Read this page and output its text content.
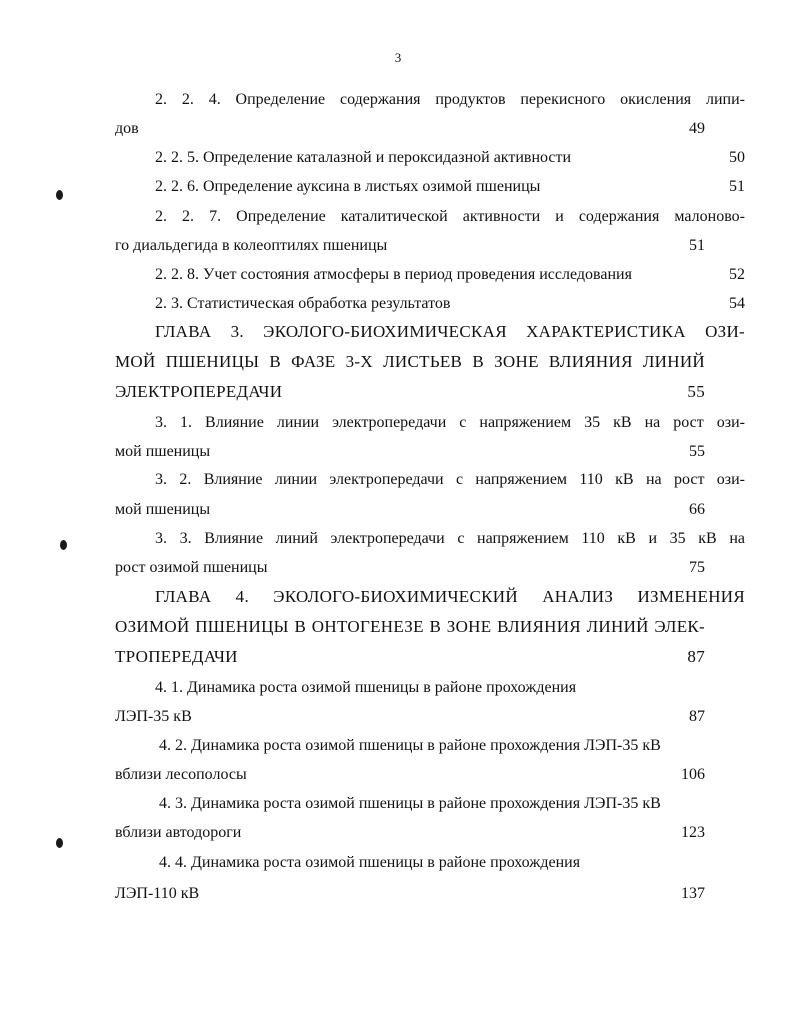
3
2. 2. 4. Определение содержания продуктов перекисного окисления липи-
дов	49
2. 2. 5. Определение каталазной и пероксидазной активности	50
2. 2. 6. Определение ауксина в листьях озимой пшеницы	51
2. 2. 7. Определение каталитической активности и содержания малоново-
го диальдегида в колеоптилях пшеницы	51
2. 2. 8. Учет состояния атмосферы в период проведения исследования	52
2. 3. Статистическая обработка результатов	54
ГЛАВА 3. ЭКОЛОГО-БИОХИМИЧЕСКАЯ ХАРАКТЕРИСТИКА ОЗИ-
МОЙ ПШЕНИЦЫ В ФАЗЕ 3-Х ЛИСТЬЕВ В ЗОНЕ ВЛИЯНИЯ ЛИНИЙ
ЭЛЕКТРОПЕРЕДАЧИ	55
3. 1. Влияние линии электропередачи с напряжением 35 кВ на рост ози-
мой пшеницы	55
3. 2. Влияние линии электропередачи с напряжением 110 кВ на рост ози-
мой пшеницы	66
3. 3. Влияние линий электропередачи с напряжением 110 кВ и 35 кВ на
рост озимой пшеницы	75
ГЛАВА 4. ЭКОЛОГО-БИОХИМИЧЕСКИЙ АНАЛИЗ ИЗМЕНЕНИЯ
ОЗИМОЙ ПШЕНИЦЫ В ОНТОГЕНЕЗЕ В ЗОНЕ ВЛИЯНИЯ ЛИНИЙ ЭЛЕК-
ТРОПЕРЕДАЧИ	87
4. 1. Динамика роста озимой пшеницы в районе прохождения
ЛЭП-35 кВ	87
4. 2. Динамика роста озимой пшеницы в районе прохождения ЛЭП-35 кВ
вблизи лесополосы	106
4. 3. Динамика роста озимой пшеницы в районе прохождения ЛЭП-35 кВ
вблизи автодороги	123
4. 4. Динамика роста озимой пшеницы в районе прохождения
ЛЭП-110 кВ	137
